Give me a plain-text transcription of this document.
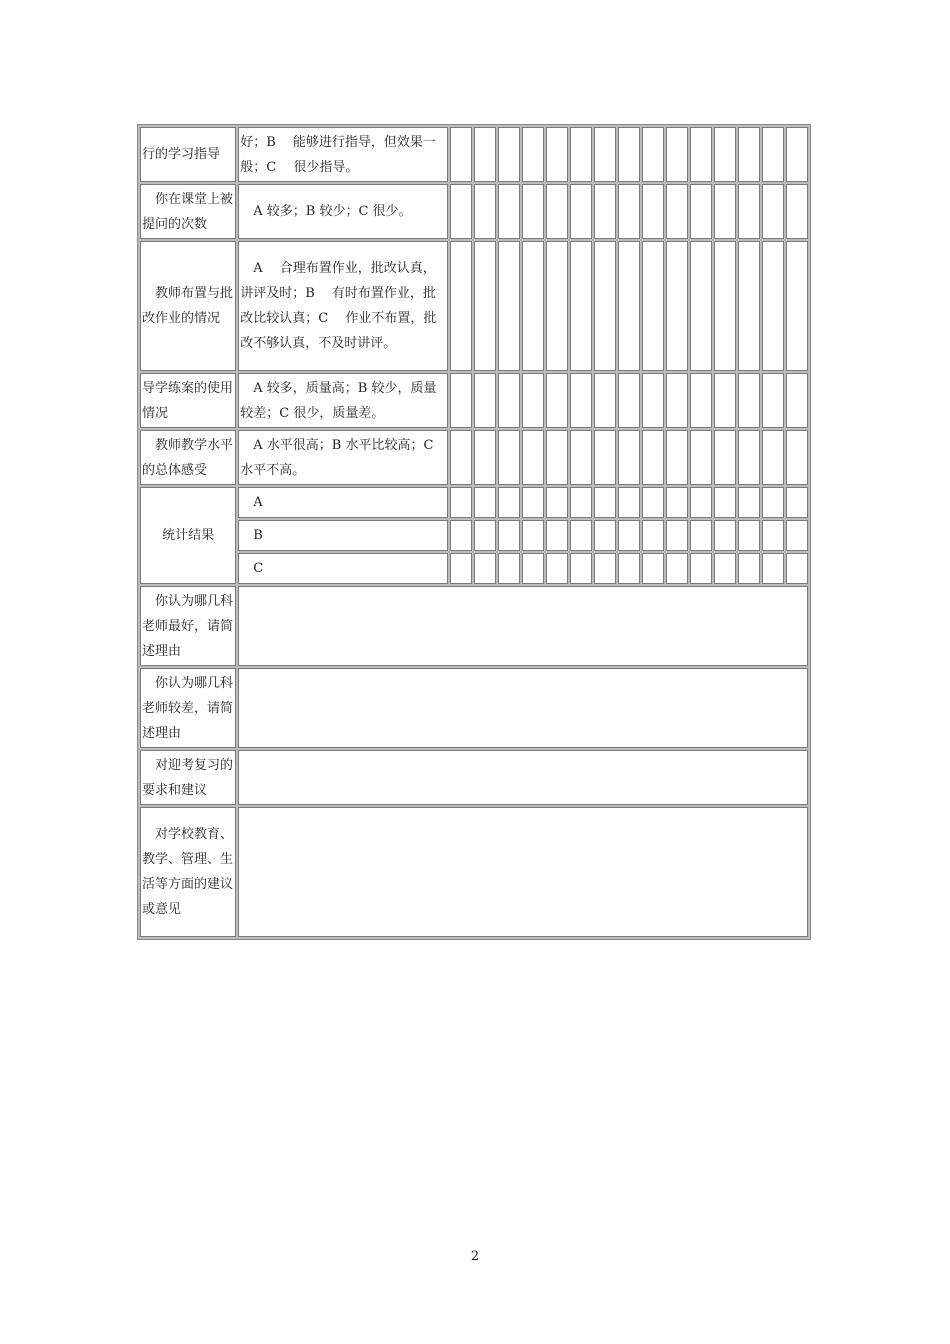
行的学习指导	好；B　 能够进行指导，但效果一般；C　 很少指导。															
你在课堂上被提问的次数	A 较多；B 较少；C 很少。															
教师布置与批改作业的情况	A　 合理布置作业，批改认真，讲评及时；B　 有时布置作业，批改比较认真；C　 作业不布置，批改不够认真，不及时讲评。															
导学练案的使用情况	A 较多，质量高；B 较少，质量较差；C 很少，质量差。															
教师教学水平的总体感受	A 水平很高；B 水平比较高；C 水平不高。															
统计结果	A															
	B															
	C															
你认为哪几科老师最好，请简述理由																
你认为哪几科老师较差，请简述理由																
对迎考复习的要求和建议																
对学校教育、教学、管理、生活等方面的建议或意见																
2
